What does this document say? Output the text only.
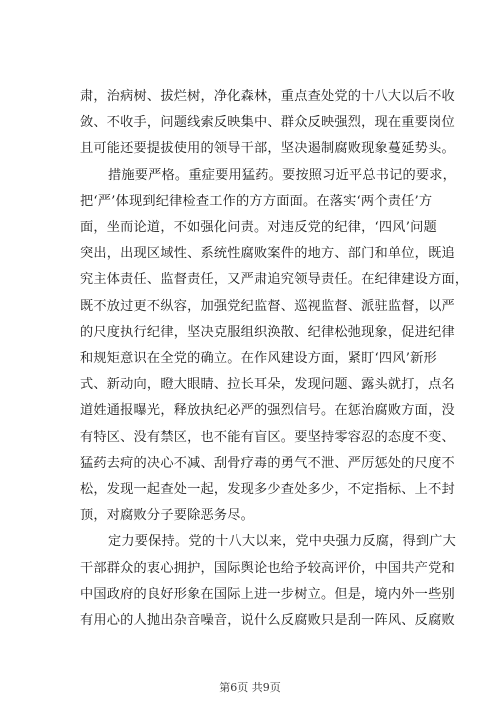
肃，治病树、拔烂树，净化森林，重点查处党的十八大以后不收
敛、不收手，问题线索反映集中、群众反映强烈，现在重要岗位
且可能还要提拔使用的领导干部，坚决遏制腐败现象蔓延势头。
措施要严格。重症要用猛药。要按照习近平总书记的要求，
把‘严’体现到纪律检查工作的方方面面。在落实‘两个责任’方
面，坐而论道，不如强化问责。对违反党的纪律，‘四风’问题
突出，出现区域性、系统性腐败案件的地方、部门和单位，既追
究主体责任、监督责任，又严肃追究领导责任。在纪律建设方面，
既不放过更不纵容，加强党纪监督、巡视监督、派驻监督，以严
的尺度执行纪律，坚决克服组织涣散、纪律松弛现象，促进纪律
和规矩意识在全党的确立。在作风建设方面，紧盯‘四风’新形
式、新动向，瞪大眼睛、拉长耳朵，发现问题、露头就打，点名
道姓通报曝光，释放执纪必严的强烈信号。在惩治腐败方面，没
有特区、没有禁区，也不能有盲区。要坚持零容忍的态度不变、
猛药去疴的决心不减、刮骨疗毒的勇气不泄、严厉惩处的尺度不
松，发现一起查处一起，发现多少查处多少，不定指标、上不封
顶，对腐败分子要除恶务尽。
定力要保持。党的十八大以来，党中央强力反腐，得到广大
干部群众的衷心拥护，国际舆论也给予较高评价，中国共产党和
中国政府的良好形象在国际上进一步树立。但是，境内外一些别
有用心的人抛出杂音噪音，说什么反腐败只是刮一阵风、反腐败
第6页 共9页
